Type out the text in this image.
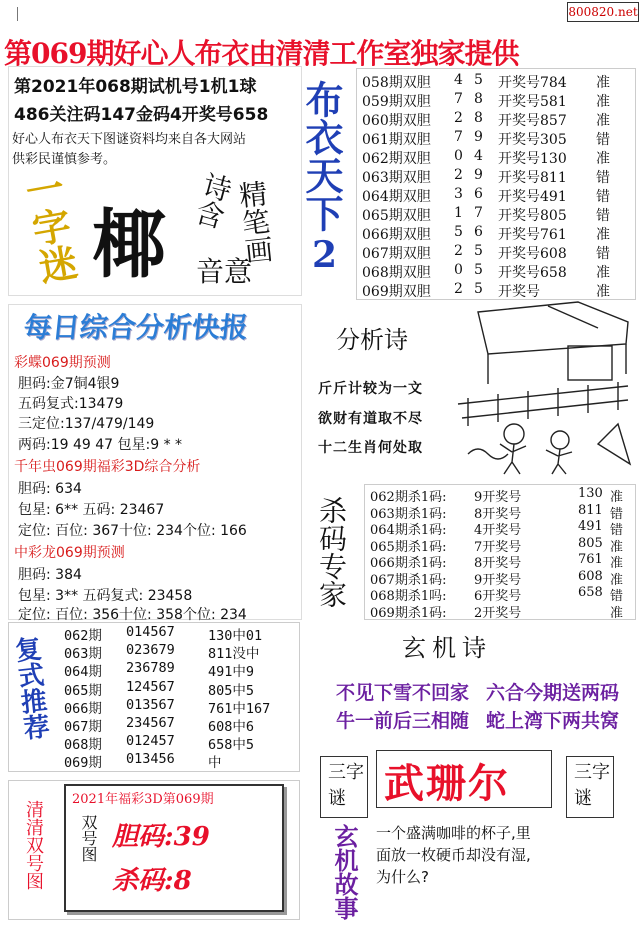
800820.net
第069期好心人布衣由清清工作室独家提供
第2021年068期试机号1机1球
486关注码147金码4开奖号658
好心人布衣天下图谜资料均来自各大网站
供彩民谨慎参考。
一字迷 椰
诗含
精笔画
音意
布衣天下
2
058期双胆 4 5 开奖号784 准
059期双胆 7 8 开奖号581 准
060期双胆 2 8 开奖号857 准
061期双胆 7 9 开奖号305 错
062期双胆 0 4 开奖号130 准
063期双胆 2 9 开奖号811 错
064期双胆 3 6 开奖号491 错
065期双胆 1 7 开奖号805 错
066期双胆 5 6 开奖号761 准
067期双胆 2 5 开奖号608 错
068期双胆 0 5 开奖号658 准
069期双胆 2 5 开奖号	准
每日综合分析快报
彩蝶069期预测
胆码:金7铜4银9
五码复式:13479
三定位:137/479/149
两码:19 49 47 包星:9 * *
千年虫069期福彩3D综合分析
胆码: 634
包星: 6** 五码: 23467
定位: 百位: 367十位: 234个位: 166
中彩龙069期预测
胆码: 384
包星: 3** 五码复式: 23458
定位: 百位: 356十位: 358个位: 234
分析诗
斤斤计较为一文
欲财有道取不尽
十二生肖何处取
杀码专家 062期杀1码: 9开奖号	130 准
063期杀1码: 8开奖号	811 错
064期杀1码: 4开奖号	491 错
065期杀1码: 7开奖号	805 准
066期杀1码: 8开奖号	761 准
067期杀1码: 9开奖号	608 准
068期杀1吗: 6开奖号	658 错
069期杀1码: 2开奖号	准
复式推荐 062期 014567 130中01
063期 023679 811没中
064期 236789 491中9
065期 124567 805中5
066期 013567 761中167
067期 234567 608中6
068期 012457 658中5
069期 013456 中
玄机诗
不见下雪不回家 六合今期送两码
牛一前后三相随 蛇上湾下两共窝
三字谜 武珊尔	三字谜
玄机故事 一个盛满咖啡的杯子,里
面放一枚硬币却没有湿,
为什么?
清清双号图
2021年福彩3D第069期
双号图 胆码:39
杀码:8
